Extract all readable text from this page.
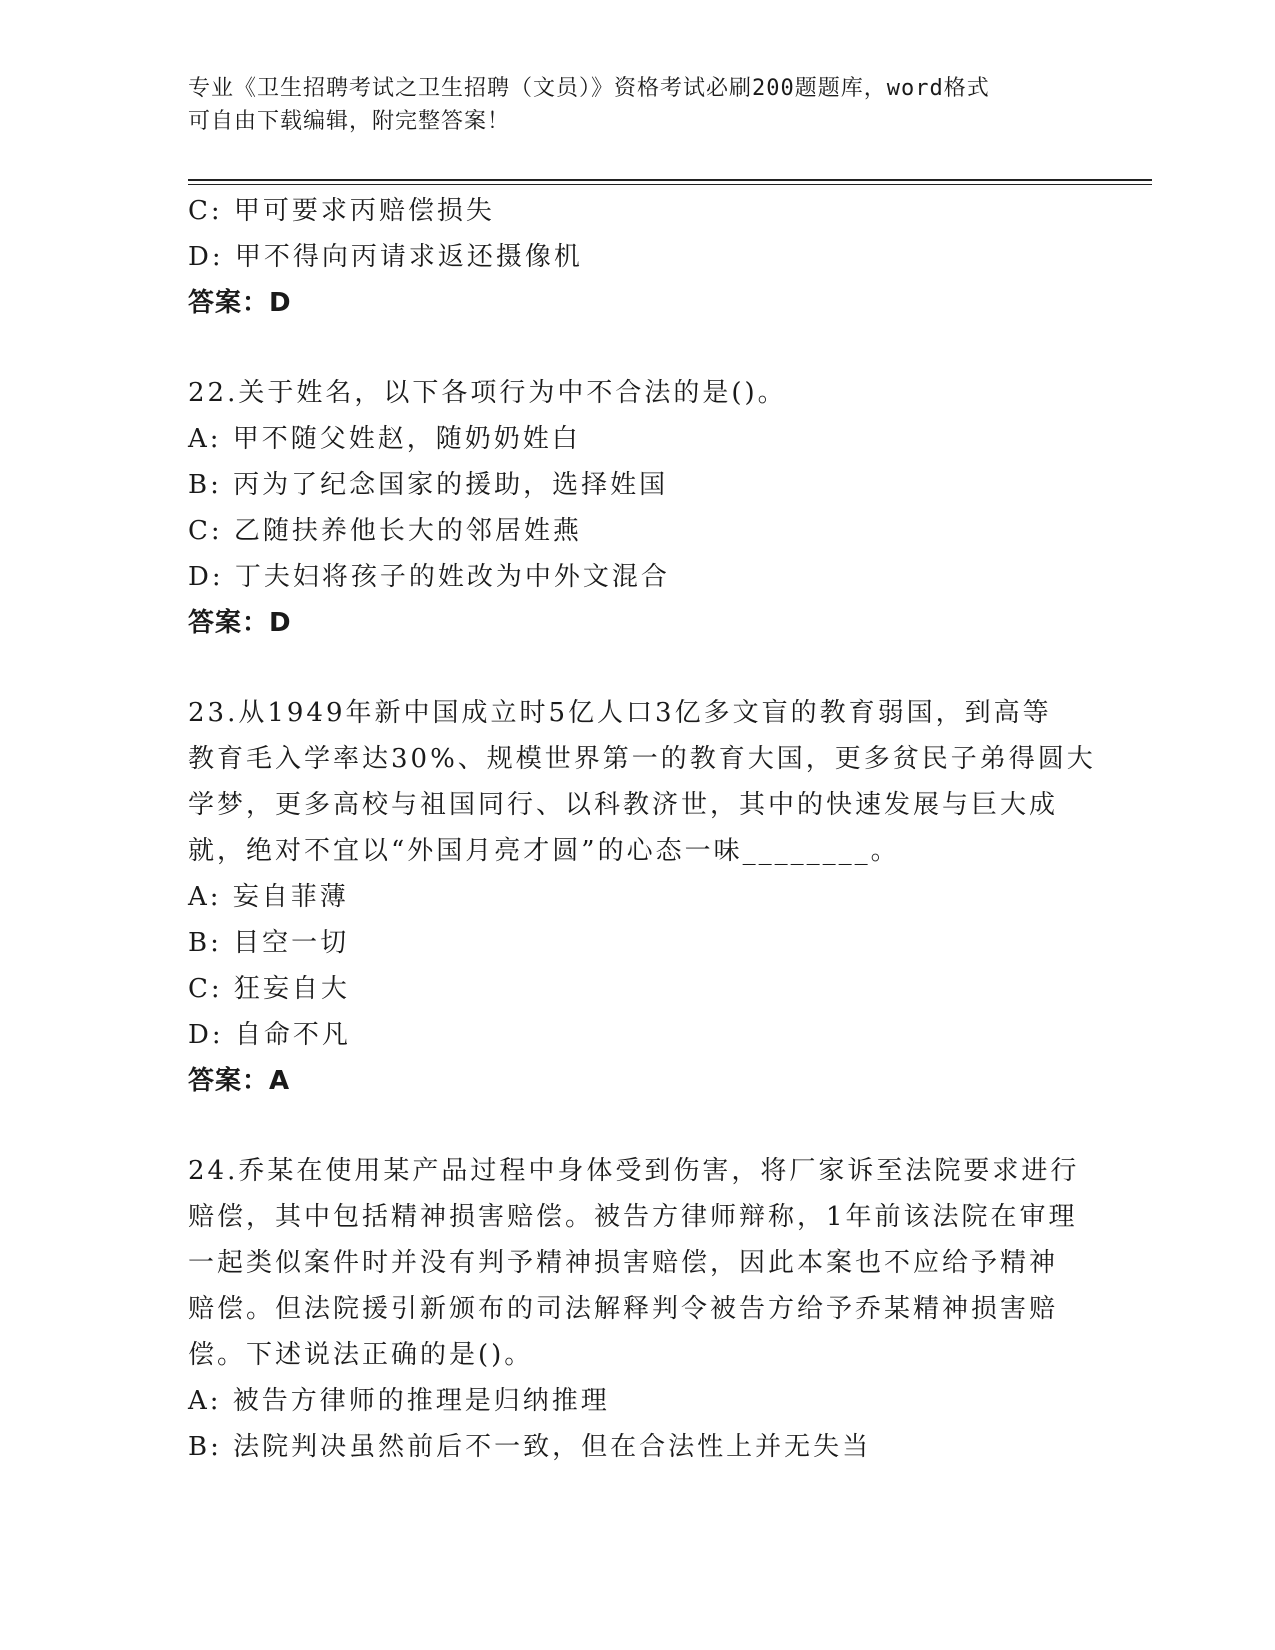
专业《卫生招聘考试之卫生招聘（文员）》资格考试必刷200题题库，word格式
可自由下载编辑，附完整答案！
C: 甲可要求丙赔偿损失
D: 甲不得向丙请求返还摄像机
答案：D
22.关于姓名，以下各项行为中不合法的是()。
A: 甲不随父姓赵，随奶奶姓白
B: 丙为了纪念国家的援助，选择姓国
C: 乙随扶养他长大的邻居姓燕
D: 丁夫妇将孩子的姓改为中外文混合
答案：D
23.从1949年新中国成立时5亿人口3亿多文盲的教育弱国，到高等
教育毛入学率达30%、规模世界第一的教育大国，更多贫民子弟得圆大
学梦，更多高校与祖国同行、以科教济世，其中的快速发展与巨大成
就，绝对不宜以“外国月亮才圆”的心态一味________。
A: 妄自菲薄
B: 目空一切
C: 狂妄自大
D: 自命不凡
答案：A
24.乔某在使用某产品过程中身体受到伤害，将厂家诉至法院要求进行
赔偿，其中包括精神损害赔偿。被告方律师辩称，1年前该法院在审理
一起类似案件时并没有判予精神损害赔偿，因此本案也不应给予精神
赔偿。但法院援引新颁布的司法解释判令被告方给予乔某精神损害赔
偿。下述说法正确的是()。
A: 被告方律师的推理是归纳推理
B: 法院判决虽然前后不一致，但在合法性上并无失当
